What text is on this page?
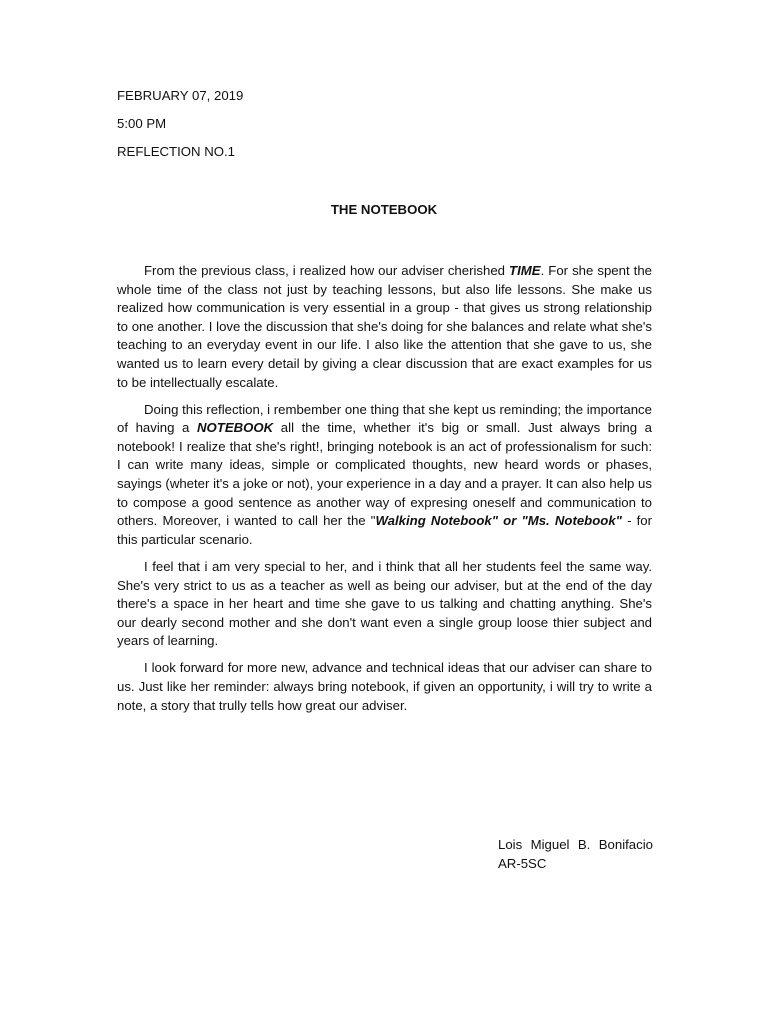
FEBRUARY 07, 2019
5:00 PM
REFLECTION NO.1
THE NOTEBOOK

From the previous class, i realized how our adviser cherished TIME. For she spent the whole time of the class not just by teaching lessons, but also life lessons. She make us realized how communication is very essential in a group - that gives us strong relationship to one another. I love the discussion that she's doing for she balances and relate what she's teaching to an everyday event in our life. I also like the attention that she gave to us, she wanted us to learn every detail by giving a clear discussion that are exact examples for us to be intellectually escalate.

Doing this reflection, i rembember one thing that she kept us reminding; the importance of having a NOTEBOOK all the time, whether it's big or small. Just always bring a notebook! I realize that she's right!, bringing notebook is an act of professionalism for such: I can write many ideas, simple or complicated thoughts, new heard words or phases, sayings (wheter it's a joke or not), your experience in a day and a prayer. It can also help us to compose a good sentence as another way of expresing oneself and communication to others. Moreover, i wanted to call her the "Walking Notebook" or "Ms. Notebook" - for this particular scenario.

I feel that i am very special to her, and i think that all her students feel the same way. She's very strict to us as a teacher as well as being our adviser, but at the end of the day there's a space in her heart and time she gave to us talking and chatting anything. She's our dearly second mother and she don't want even a single group loose thier subject and years of learning.

I look forward for more new, advance and technical ideas that our adviser can share to us. Just like her reminder: always bring notebook, if given an opportunity, i will try to write a note, a story that trully tells how great our adviser.

Lois Miguel B. Bonifacio
AR-5SC
